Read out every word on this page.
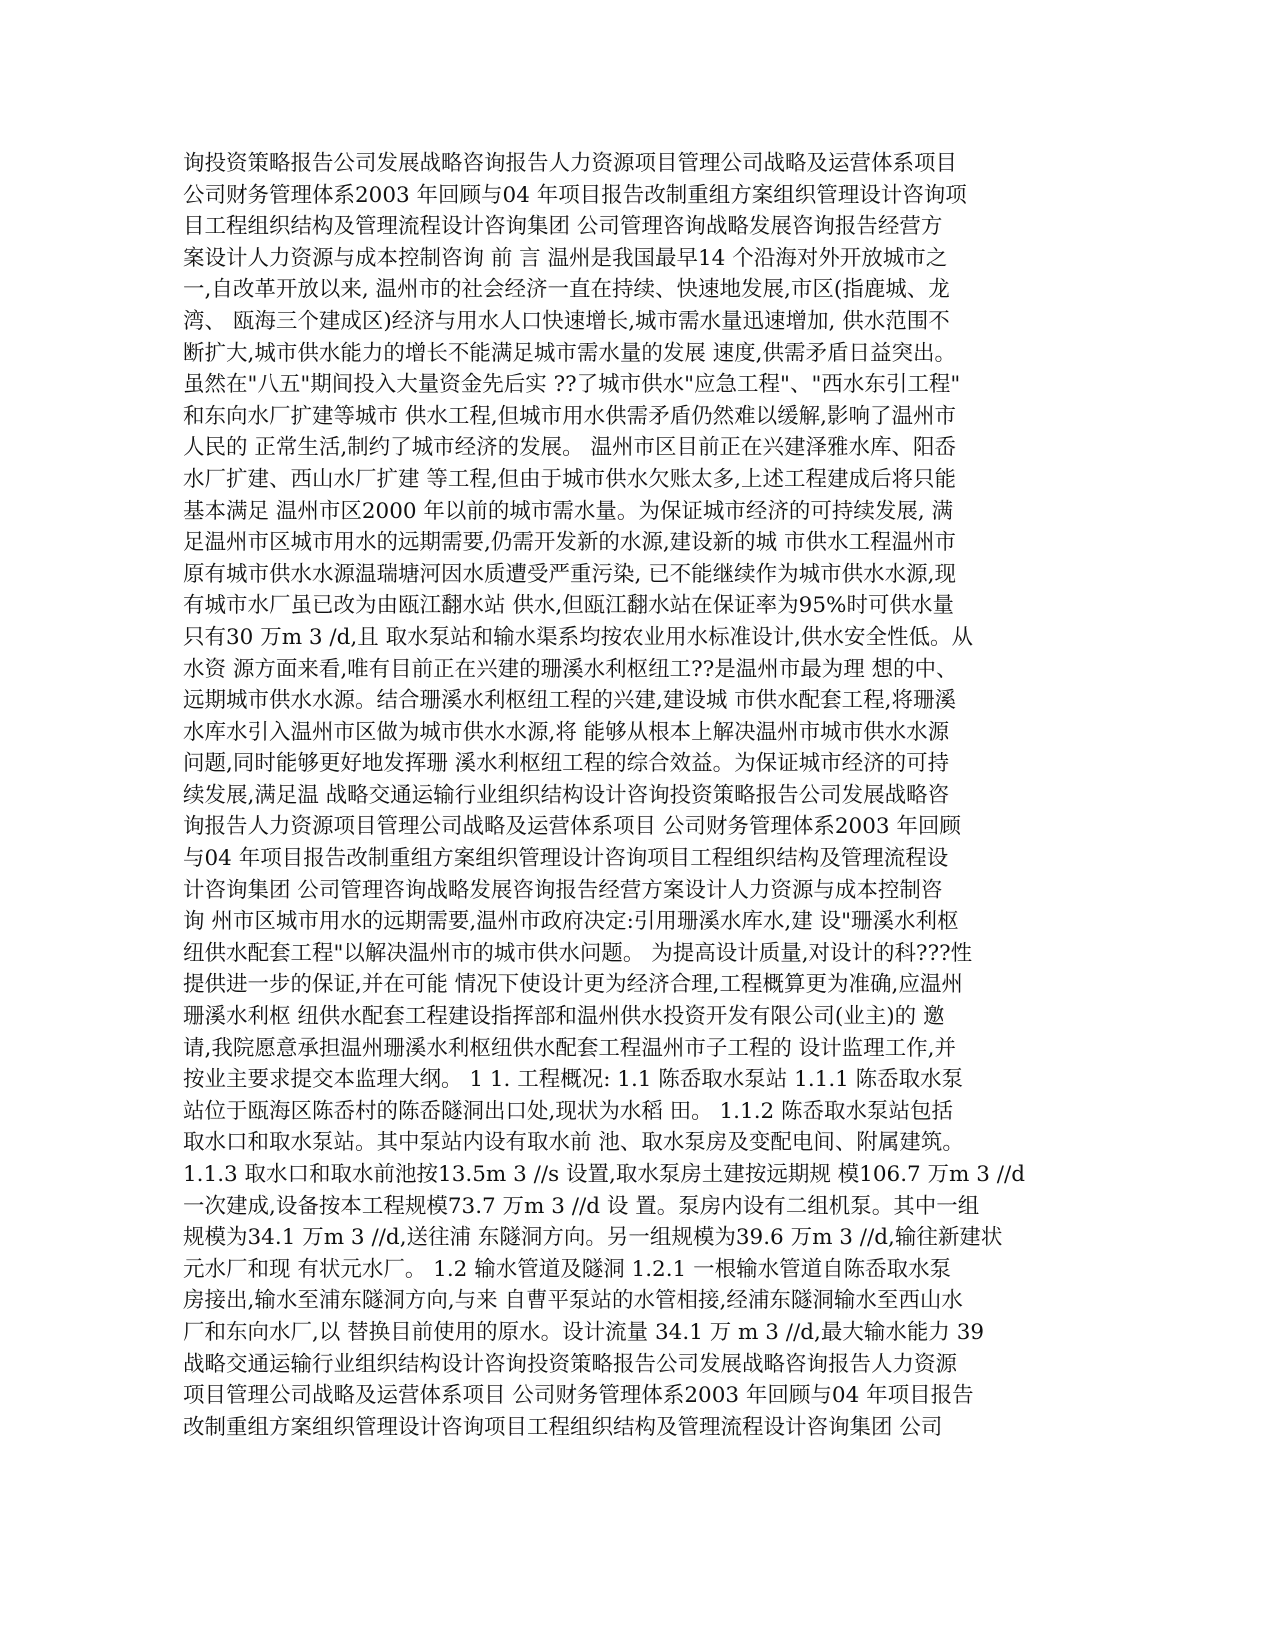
询投资策略报告公司发展战略咨询报告人力资源项目管理公司战略及运营体系项目
公司财务管理体系2003 年回顾与04 年项目报告改制重组方案组织管理设计咨询项
目工程组织结构及管理流程设计咨询集团 公司管理咨询战略发展咨询报告经营方
案设计人力资源与成本控制咨询 前 言 温州是我国最早14 个沿海对外开放城市之
一,自改革开放以来, 温州市的社会经济一直在持续、快速地发展,市区(指鹿城、龙
湾、 瓯海三个建成区)经济与用水人口快速增长,城市需水量迅速增加, 供水范围不
断扩大,城市供水能力的增长不能满足城市需水量的发展 速度,供需矛盾日益突出。
虽然在"八五"期间投入大量资金先后实 ??了城市供水"应急工程"、"西水东引工程"
和东向水厂扩建等城市 供水工程,但城市用水供需矛盾仍然难以缓解,影响了温州市
人民的 正常生活,制约了城市经济的发展。 温州市区目前正在兴建泽雅水库、阳岙
水厂扩建、西山水厂扩建 等工程,但由于城市供水欠账太多,上述工程建成后将只能
基本满足 温州市区2000 年以前的城市需水量。为保证城市经济的可持续发展, 满
足温州市区城市用水的远期需要,仍需开发新的水源,建设新的城 市供水工程温州市
原有城市供水水源温瑞塘河因水质遭受严重污染, 已不能继续作为城市供水水源,现
有城市水厂虽已改为由瓯江翻水站 供水,但瓯江翻水站在保证率为95%时可供水量
只有30 万m 3 /d,且 取水泵站和输水渠系均按农业用水标准设计,供水安全性低。从
水资 源方面来看,唯有目前正在兴建的珊溪水利枢纽工??是温州市最为理 想的中、
远期城市供水水源。结合珊溪水利枢纽工程的兴建,建设城 市供水配套工程,将珊溪
水库水引入温州市区做为城市供水水源,将 能够从根本上解决温州市城市供水水源
问题,同时能够更好地发挥珊 溪水利枢纽工程的综合效益。为保证城市经济的可持
续发展,满足温 战略交通运输行业组织结构设计咨询投资策略报告公司发展战略咨
询报告人力资源项目管理公司战略及运营体系项目 公司财务管理体系2003 年回顾
与04 年项目报告改制重组方案组织管理设计咨询项目工程组织结构及管理流程设
计咨询集团 公司管理咨询战略发展咨询报告经营方案设计人力资源与成本控制咨
询 州市区城市用水的远期需要,温州市政府决定:引用珊溪水库水,建 设"珊溪水利枢
纽供水配套工程"以解决温州市的城市供水问题。 为提高设计质量,对设计的科???性
提供进一步的保证,并在可能 情况下使设计更为经济合理,工程概算更为准确,应温州
珊溪水利枢 纽供水配套工程建设指挥部和温州供水投资开发有限公司(业主)的 邀
请,我院愿意承担温州珊溪水利枢纽供水配套工程温州市子工程的 设计监理工作,并
按业主要求提交本监理大纲。 1 1. 工程概况: 1.1 陈岙取水泵站 1.1.1 陈岙取水泵
站位于瓯海区陈岙村的陈岙隧洞出口处,现状为水稻 田。 1.1.2 陈岙取水泵站包括
取水口和取水泵站。其中泵站内设有取水前 池、取水泵房及变配电间、附属建筑。
1.1.3 取水口和取水前池按13.5m 3 //s 设置,取水泵房土建按远期规 模106.7 万m 3 //d
一次建成,设备按本工程规模73.7 万m 3 //d 设 置。泵房内设有二组机泵。其中一组
规模为34.1 万m 3 //d,送往浦 东隧洞方向。另一组规模为39.6 万m 3 //d,输往新建状
元水厂和现 有状元水厂。 1.2 输水管道及隧洞 1.2.1 一根输水管道自陈岙取水泵
房接出,输水至浦东隧洞方向,与来 自曹平泵站的水管相接,经浦东隧洞输水至西山水
厂和东向水厂,以 替换目前使用的原水。设计流量 34.1 万 m 3 //d,最大输水能力 39
战略交通运输行业组织结构设计咨询投资策略报告公司发展战略咨询报告人力资源
项目管理公司战略及运营体系项目 公司财务管理体系2003 年回顾与04 年项目报告
改制重组方案组织管理设计咨询项目工程组织结构及管理流程设计咨询集团 公司
